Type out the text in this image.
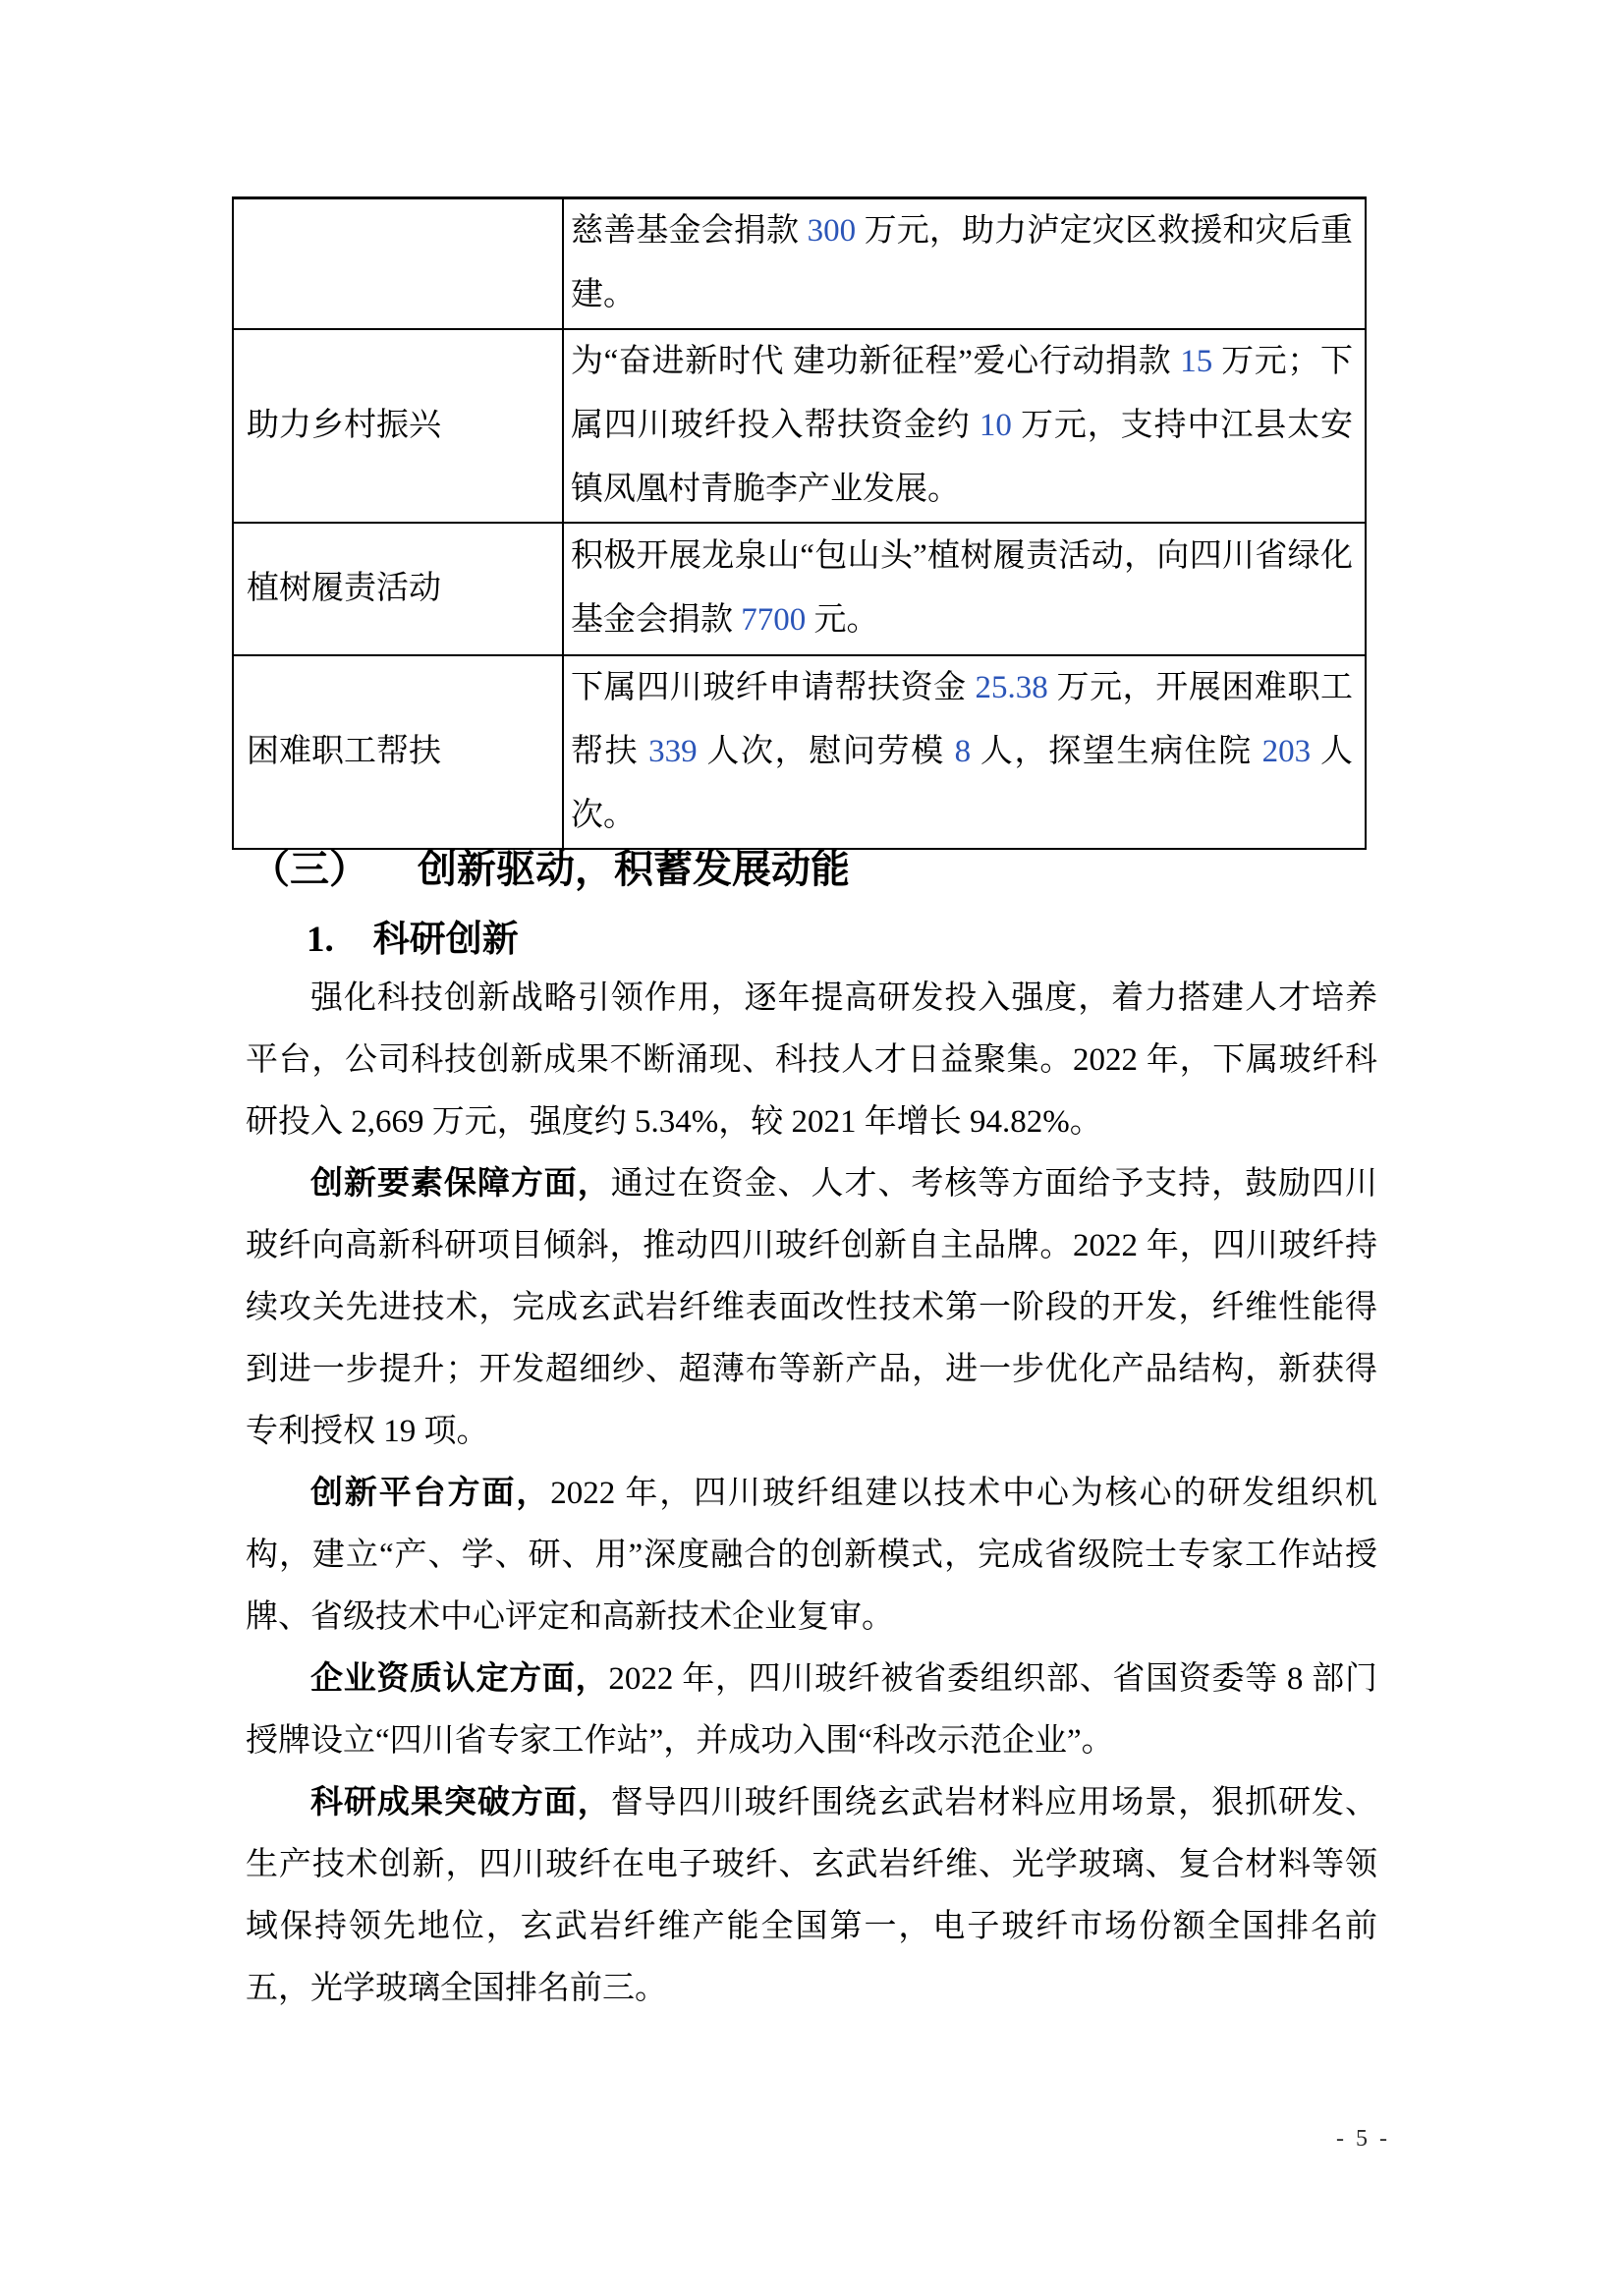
	慈善基金会捐款 300 万元，助力泸定灾区救援和灾后重建。
助力乡村振兴	为“奋进新时代 建功新征程”爱心行动捐款 15 万元；下属四川玻纤投入帮扶资金约 10 万元，支持中江县太安镇凤凰村青脆李产业发展。
植树履责活动	积极开展龙泉山“包山头”植树履责活动，向四川省绿化基金会捐款 7700 元。
困难职工帮扶	下属四川玻纤申请帮扶资金 25.38 万元，开展困难职工帮扶 339 人次，慰问劳模 8 人，探望生病住院 203 人次。
（三） 创新驱动，积蓄发展动能
1. 科研创新

强化科技创新战略引领作用，逐年提高研发投入强度，着力搭建人才培养平台，公司科技创新成果不断涌现、科技人才日益聚集。2022 年，下属玻纤科研投入 2,669 万元，强度约 5.34%，较 2021 年增长 94.82%。

创新要素保障方面，通过在资金、人才、考核等方面给予支持，鼓励四川玻纤向高新科研项目倾斜，推动四川玻纤创新自主品牌。2022 年，四川玻纤持续攻关先进技术，完成玄武岩纤维表面改性技术第一阶段的开发，纤维性能得到进一步提升；开发超细纱、超薄布等新产品，进一步优化产品结构，新获得专利授权 19 项。

创新平台方面，2022 年，四川玻纤组建以技术中心为核心的研发组织机构，建立“产、学、研、用”深度融合的创新模式，完成省级院士专家工作站授牌、省级技术中心评定和高新技术企业复审。

企业资质认定方面，2022 年，四川玻纤被省委组织部、省国资委等 8 部门授牌设立“四川省专家工作站”，并成功入围“科改示范企业”。

科研成果突破方面，督导四川玻纤围绕玄武岩材料应用场景，狠抓研发、生产技术创新，四川玻纤在电子玻纤、玄武岩纤维、光学玻璃、复合材料等领域保持领先地位，玄武岩纤维产能全国第一，电子玻纤市场份额全国排名前五，光学玻璃全国排名前三。

- 5 -
